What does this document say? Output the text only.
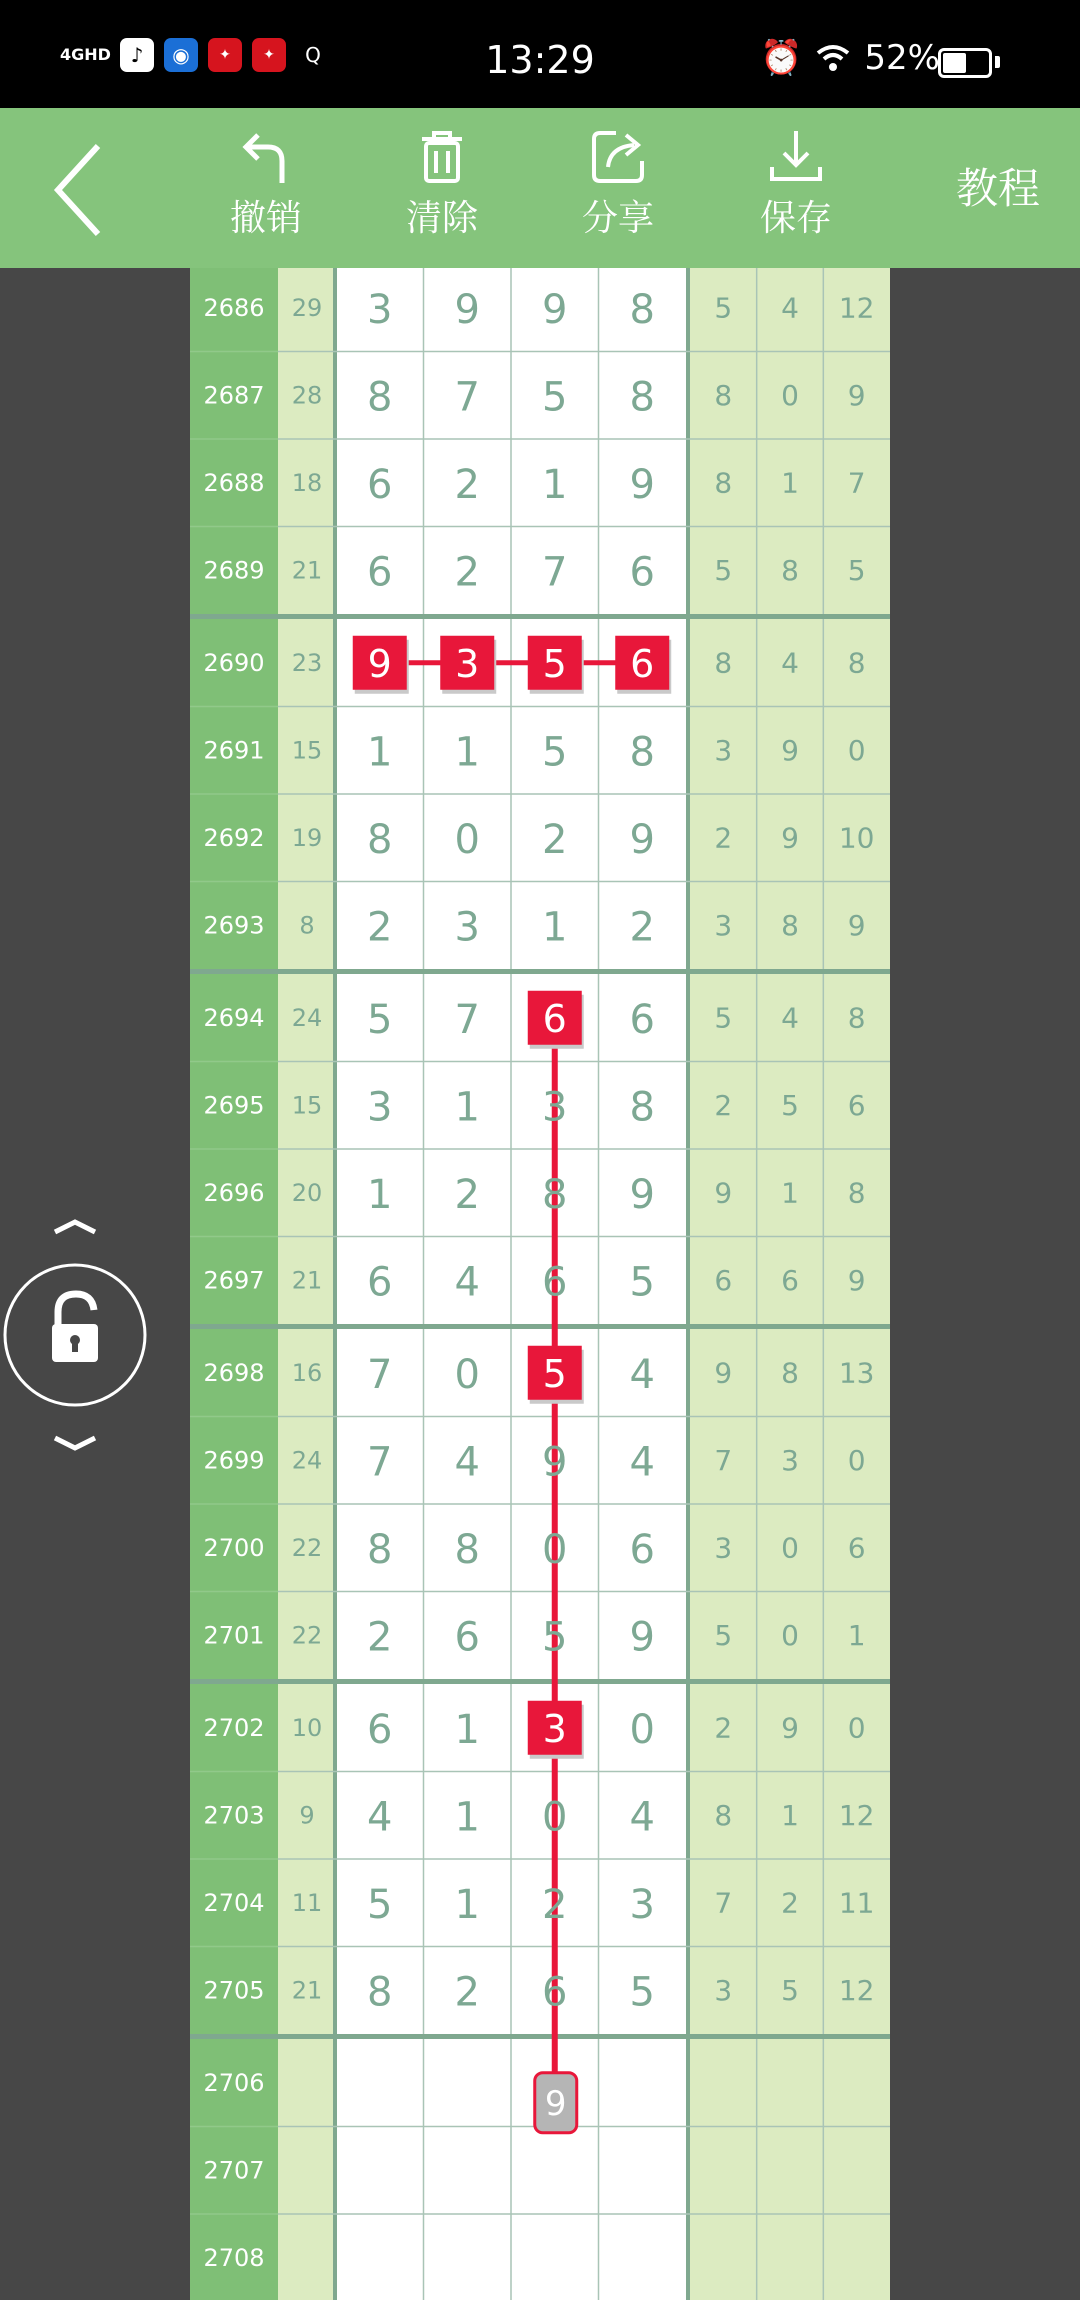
4GHD ♪	◉	✦	✦	Q	13:29	⏰ 52%
撤销	清除	分享	保存
教程
2686 29 3 9 9 8 5 4 12
2687 28 8 7 5 8 8 0 9
2688 18 6 2 1 9 8 1 7
2689 21 6 2 7 6 5 8 5
2690 23 9 3 5 6 8 4 8
2691 15 1 1 5 8 3 9 0
2692 19 8 0 2 9 2 9 10
2693 8 2 3 1 2 3 8 9
2694 24 5 7 6 6 5 4 8
2695 15 3 1 3 8 2 5 6
2696 20 1 2 8 9 9 1 8
2697 21 6 4 6 5 6 6 9
2698 16 7 0 5 4 9 8 13
2699 24 7 4 9 4 7 3 0
2700 22 8 8 0 6 3 0 6
2701 22 2 6 5 9 5 0 1
2702 10 6 1 3 0 2 9 0
2703 9 4 1 0 4 8 1 12
2704 11 5 1 2 3 7 2 11
2705 21 8 2 6 5 3 5 12
2706
2707
2708
9
